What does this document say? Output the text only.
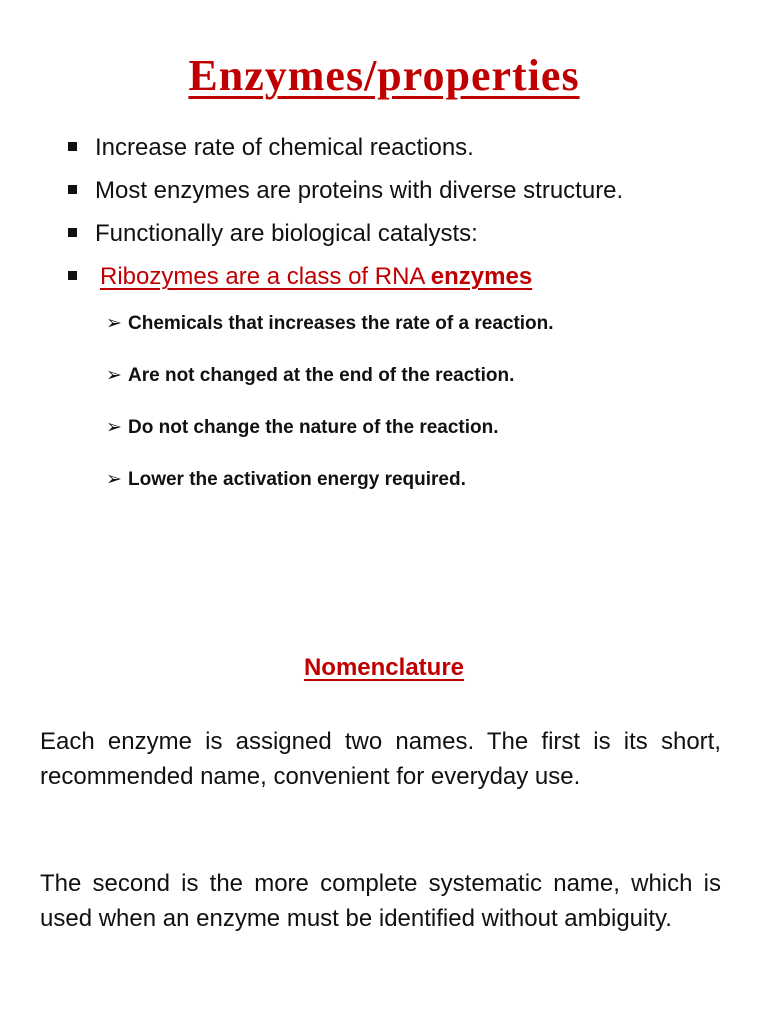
Enzymes/properties
Increase rate of chemical reactions.
Most enzymes are proteins with diverse structure.
Functionally are biological catalysts:
Ribozymes are a class of RNA enzymes
➢ Chemicals that increases the rate of a reaction.
➢ Are not changed at the end of the reaction.
➢ Do not change the nature of the reaction.
➢ Lower the activation energy required.
Nomenclature

Each enzyme is assigned two names. The first is its short, recommended name, convenient for everyday use.

The second is the more complete systematic name, which is used when an enzyme must be identified without ambiguity.
